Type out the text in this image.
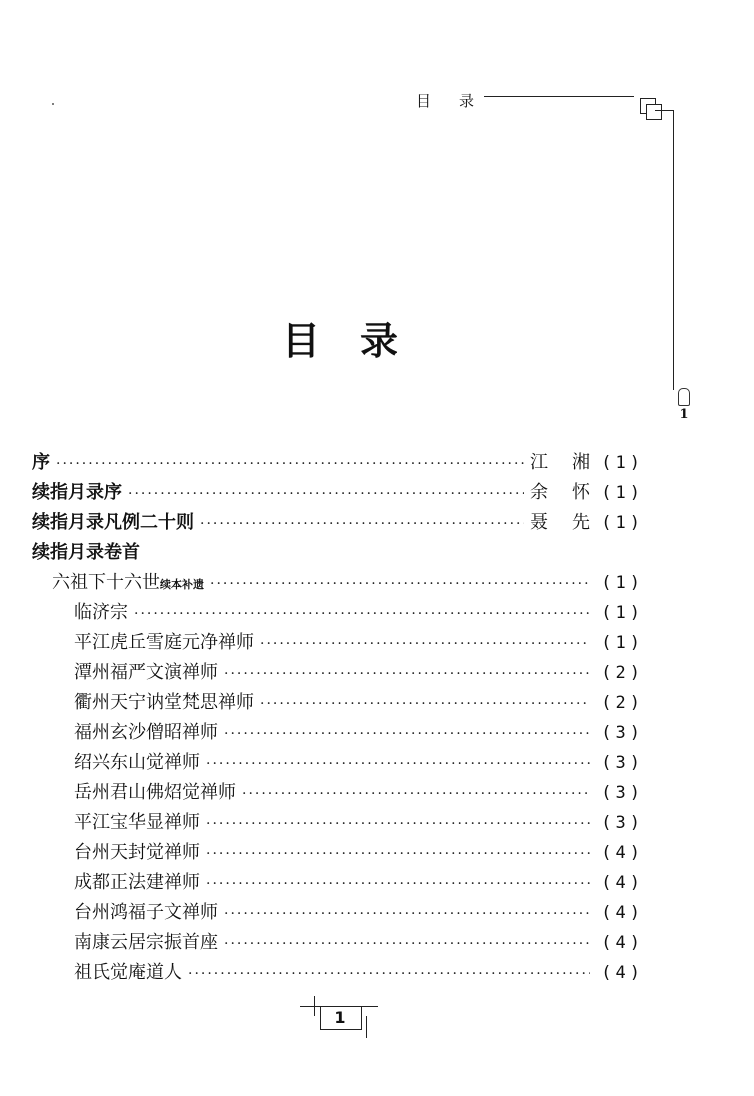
目 录
1
目录
序 ·····	江 湘 (1)
续指月录序 ·····	余 怀 (1)
续指月录凡例二十则 ·····	聂 先 (1)
续指月录卷首
六祖下十六世续本补遗 ·····	(1)
临济宗 ·····	(1)
平江虎丘雪庭元净禅师 ·····	(1)
潭州福严文演禅师 ·····	(2)
衢州天宁讷堂梵思禅师 ·····	(2)
福州玄沙僧昭禅师 ·····	(3)
绍兴东山觉禅师 ·····	(3)
岳州君山佛炤觉禅师 ·····	(3)
平江宝华显禅师 ·····	(3)
台州天封觉禅师 ·····	(4)
成都正法建禅师 ·····	(4)
台州鸿福子文禅师 ·····	(4)
南康云居宗振首座 ·····	(4)
祖氏觉庵道人 ·····	(4)
1
